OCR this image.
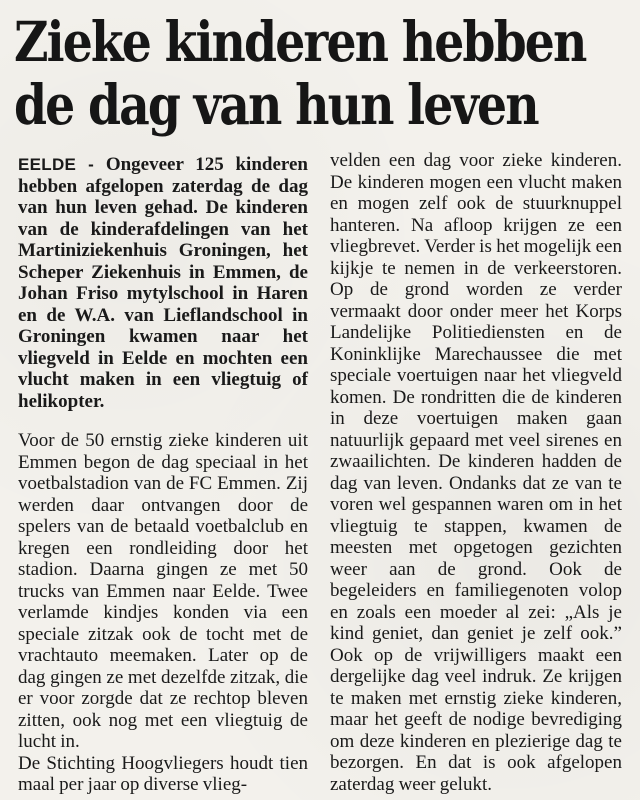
Zieke kinderen hebben
de dag van hun leven

EELDE - Ongeveer 125 kinderen hebben afgelopen zaterdag de dag van hun leven gehad. De kinderen van de kinderafdelingen van het Martiniziekenhuis Groningen, het Scheper Ziekenhuis in Emmen, de Johan Friso mytylschool in Haren en de W.A. van Lieflandschool in Groningen kwamen naar het vliegveld in Eelde en mochten een vlucht maken in een vliegtuig of helikopter.

Voor de 50 ernstig zieke kinderen uit Emmen begon de dag speciaal in het voetbalstadion van de FC Emmen. Zij werden daar ontvangen door de spelers van de betaald voetbalclub en kregen een rondleiding door het stadion. Daarna gingen ze met 50 trucks van Emmen naar Eelde. Twee verlamde kindjes konden via een speciale zitzak ook de tocht met de vrachtauto meemaken. Later op de dag gingen ze met dezelfde zitzak, die er voor zorgde dat ze rechtop bleven zitten, ook nog met een vliegtuig de lucht in.

De Stichting Hoogvliegers houdt tien maal per jaar op diverse vlieg-

velden een dag voor zieke kinderen. De kinderen mogen een vlucht maken en mogen zelf ook de stuurknuppel hanteren. Na afloop krijgen ze een vliegbrevet. Verder is het mogelijk een kijkje te nemen in de verkeerstoren. Op de grond worden ze verder vermaakt door onder meer het Korps Landelijke Politiediensten en de Koninklijke Marechaussee die met speciale voertuigen naar het vliegveld komen. De rondritten die de kinderen in deze voertuigen maken gaan natuurlijk gepaard met veel sirenes en zwaailichten. De kinderen hadden de dag van leven. Ondanks dat ze van te voren wel gespannen waren om in het vliegtuig te stappen, kwamen de meesten met opgetogen gezichten weer aan de grond. Ook de begeleiders en familiegenoten volop en zoals een moeder al zei: „Als je kind geniet, dan geniet je zelf ook.” Ook op de vrijwilligers maakt een dergelijke dag veel indruk. Ze krijgen te maken met ernstig zieke kinderen, maar het geeft de nodige bevrediging om deze kinderen en plezierige dag te bezorgen. En dat is ook afgelopen zaterdag weer gelukt.
